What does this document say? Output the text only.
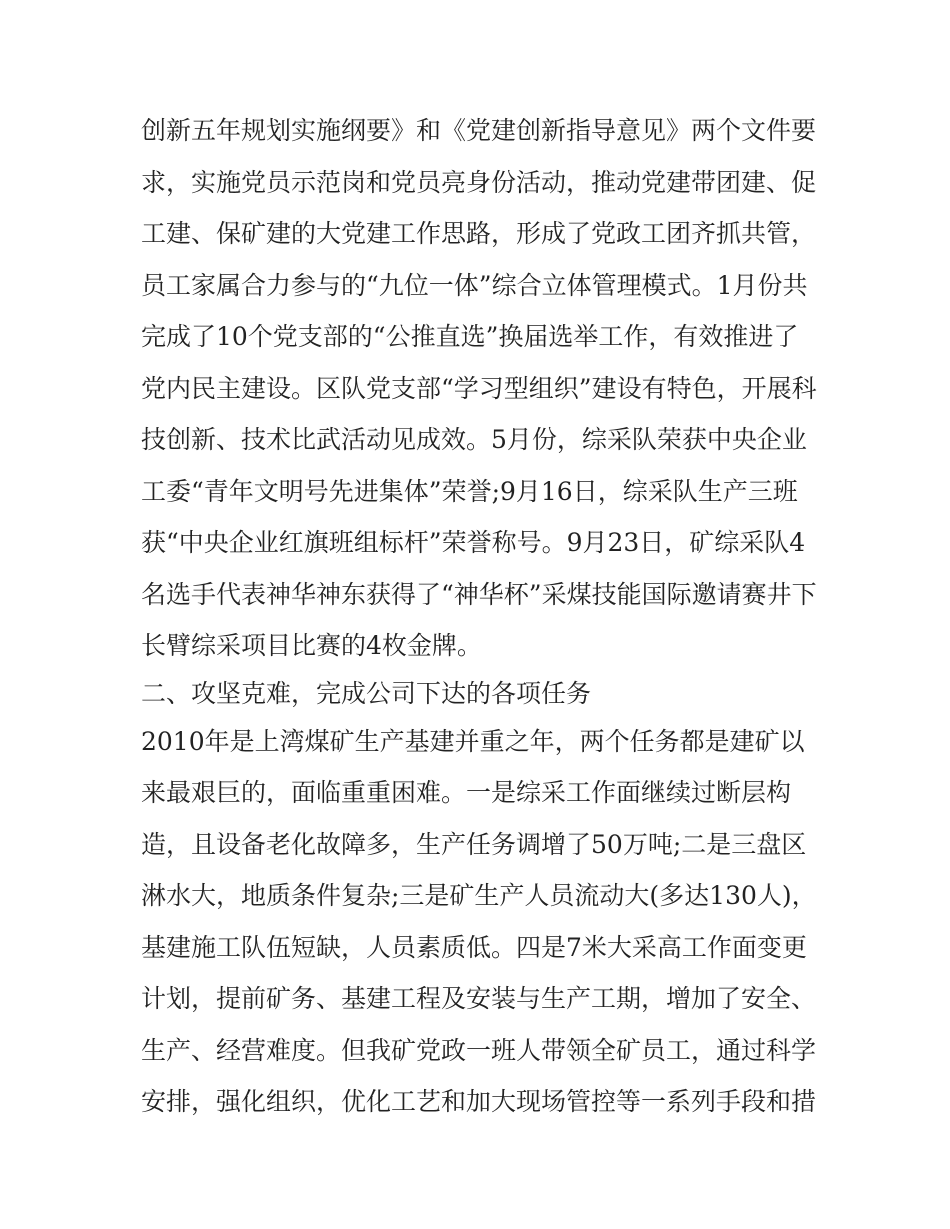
创新五年规划实施纲要》和《党建创新指导意见》两个文件要
求，实施党员示范岗和党员亮身份活动，推动党建带团建、促
工建、保矿建的大党建工作思路，形成了党政工团齐抓共管，
员工家属合力参与的“九位一体”综合立体管理模式。1月份共
完成了10个党支部的“公推直选”换届选举工作，有效推进了
党内民主建设。区队党支部“学习型组织”建设有特色，开展科
技创新、技术比武活动见成效。5月份，综采队荣获中央企业
工委“青年文明号先进集体”荣誉;9月16日，综采队生产三班
获“中央企业红旗班组标杆”荣誉称号。9月23日，矿综采队4
名选手代表神华神东获得了“神华杯”采煤技能国际邀请赛井下
长臂综采项目比赛的4枚金牌。
二、攻坚克难，完成公司下达的各项任务
2010年是上湾煤矿生产基建并重之年，两个任务都是建矿以
来最艰巨的，面临重重困难。一是综采工作面继续过断层构
造，且设备老化故障多，生产任务调增了50万吨;二是三盘区
淋水大，地质条件复杂;三是矿生产人员流动大(多达130人)，
基建施工队伍短缺，人员素质低。四是7米大采高工作面变更
计划，提前矿务、基建工程及安装与生产工期，增加了安全、
生产、经营难度。但我矿党政一班人带领全矿员工，通过科学
安排，强化组织，优化工艺和加大现场管控等一系列手段和措
